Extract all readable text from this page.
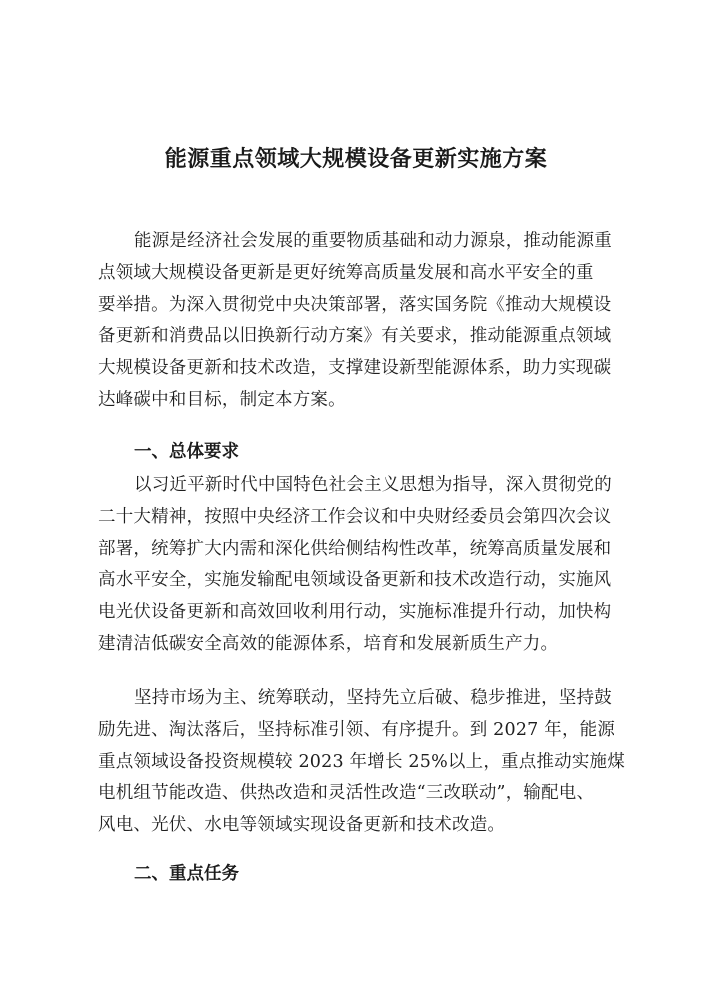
能源重点领域大规模设备更新实施方案
能源是经济社会发展的重要物质基础和动力源泉，推动能源重
点领域大规模设备更新是更好统筹高质量发展和高水平安全的重
要举措。为深入贯彻党中央决策部署，落实国务院《推动大规模设
备更新和消费品以旧换新行动方案》有关要求，推动能源重点领域
大规模设备更新和技术改造，支撑建设新型能源体系，助力实现碳
达峰碳中和目标，制定本方案。
一、总体要求
以习近平新时代中国特色社会主义思想为指导，深入贯彻党的
二十大精神，按照中央经济工作会议和中央财经委员会第四次会议
部署，统筹扩大内需和深化供给侧结构性改革，统筹高质量发展和
高水平安全，实施发输配电领域设备更新和技术改造行动，实施风
电光伏设备更新和高效回收利用行动，实施标准提升行动，加快构
建清洁低碳安全高效的能源体系，培育和发展新质生产力。
坚持市场为主、统筹联动，坚持先立后破、稳步推进，坚持鼓
励先进、淘汰落后，坚持标准引领、有序提升。到 2027 年，能源
重点领域设备投资规模较 2023 年增长 25%以上，重点推动实施煤
电机组节能改造、供热改造和灵活性改造“三改联动”，输配电、
风电、光伏、水电等领域实现设备更新和技术改造。
二、重点任务
